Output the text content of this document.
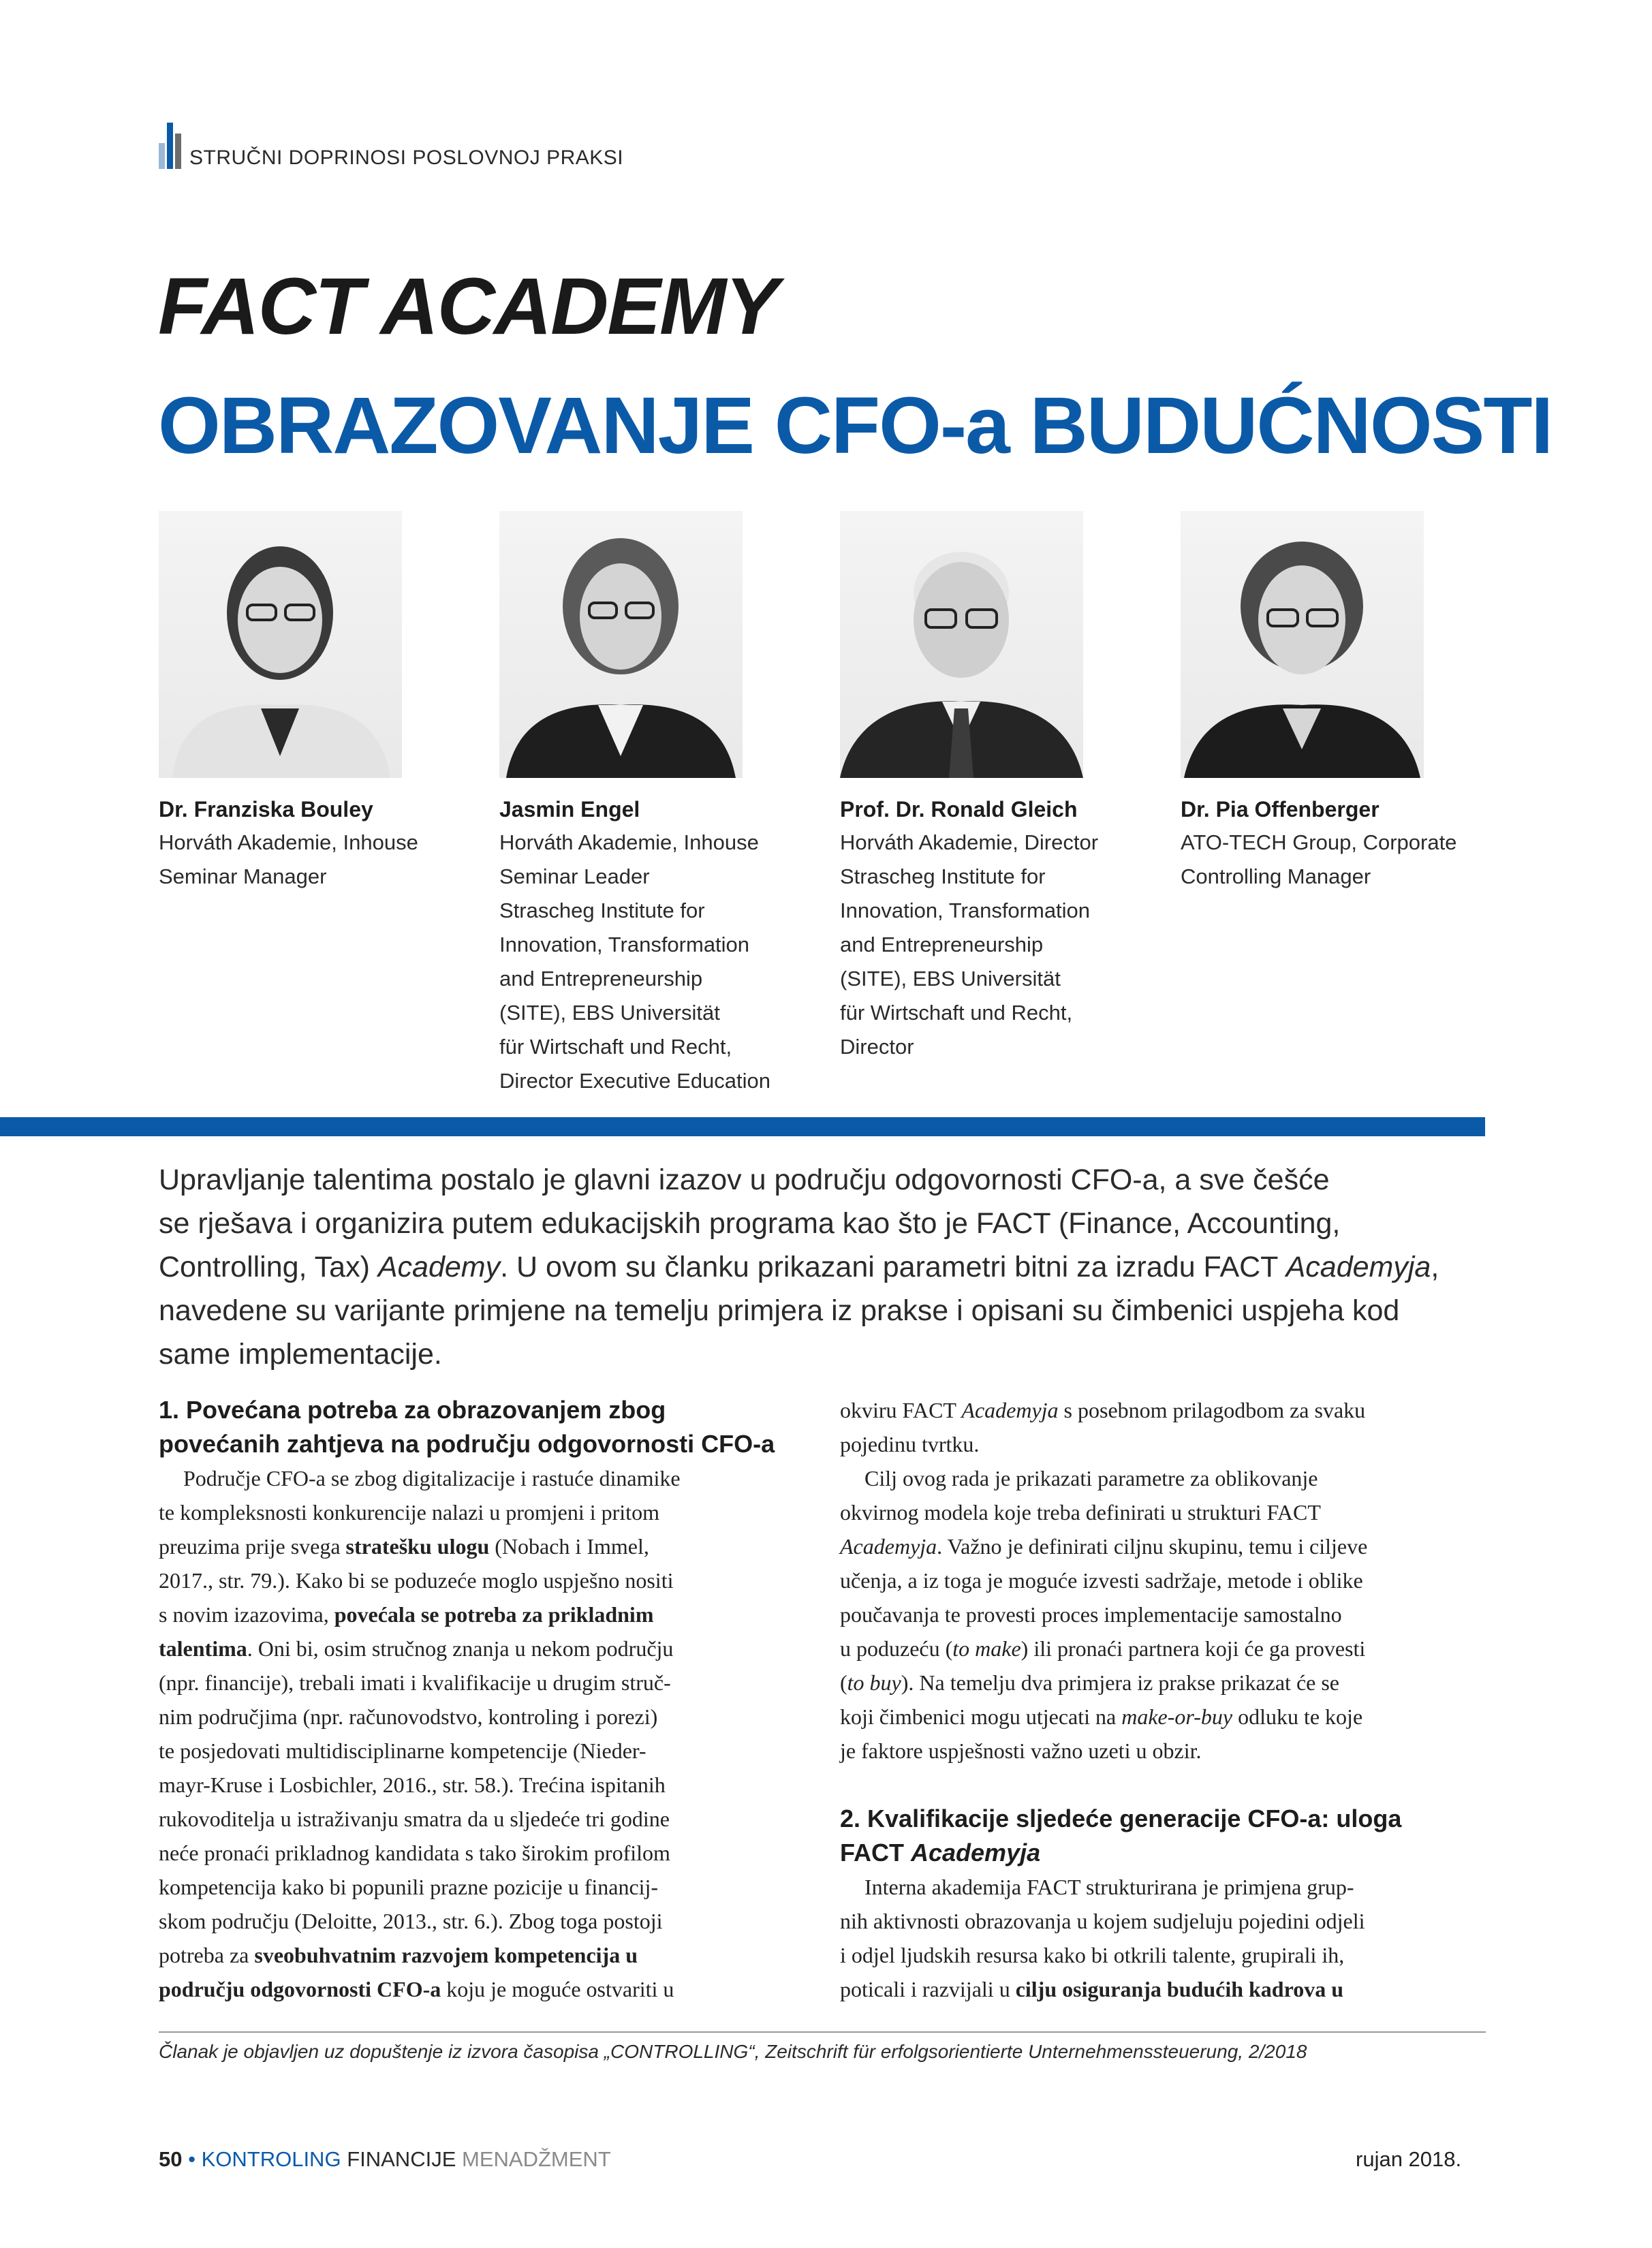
STRUČNI DOPRINOSI POSLOVNOJ PRAKSI
FACT ACADEMY
OBRAZOVANJE CFO-a BUDUĆNOSTI
Dr. Franziska Bouley
Horváth Akademie, Inhouse
Seminar Manager
Jasmin Engel
Horváth Akademie, Inhouse
Seminar Leader
Strascheg Institute for
Innovation, Transformation
and Entrepreneurship
(SITE), EBS Universität
für Wirtschaft und Recht,
Director Executive Education
Prof. Dr. Ronald Gleich
Horváth Akademie, Director
Strascheg Institute for
Innovation, Transformation
and Entrepreneurship
(SITE), EBS Universität
für Wirtschaft und Recht,
Director
Dr. Pia Offenberger
ATO-TECH Group, Corporate
Controlling Manager

Upravljanje talentima postalo je glavni izazov u području odgovornosti CFO-a, a sve češće

se rješava i organizira putem edukacijskih programa kao što je FACT (Finance, Accounting,

Controlling, Tax) Academy. U ovom su članku prikazani parametri bitni za izradu FACT Academyja,

navedene su varijante primjene na temelju primjera iz prakse i opisani su čimbenici uspjeha kod

same implementacije.

1. Povećana potreba za obrazovanjem zbog

povećanih zahtjeva na području odgovornosti CFO-a

Područje CFO-a se zbog digitalizacije i rastuće dinamike

te kompleksnosti konkurencije nalazi u promjeni i pritom

preuzima prije svega stratešku ulogu (Nobach i Immel,

2017., str. 79.). Kako bi se poduzeće moglo uspješno nositi

s novim izazovima, povećala se potreba za prikladnim

talentima. Oni bi, osim stručnog znanja u nekom području

(npr. financije), trebali imati i kvalifikacije u drugim struč-

nim područjima (npr. računovodstvo, kontroling i porezi)

te posjedovati multidisciplinarne kompetencije (Nieder-

mayr-Kruse i Losbichler, 2016., str. 58.). Trećina ispitanih

rukovoditelja u istraživanju smatra da u sljedeće tri godine

neće pronaći prikladnog kandidata s tako širokim profilom

kompetencija kako bi popunili prazne pozicije u financij-

skom području (Deloitte, 2013., str. 6.). Zbog toga postoji

potreba za sveobuhvatnim razvojem kompetencija u

području odgovornosti CFO-a koju je moguće ostvariti u

okviru FACT Academyja s posebnom prilagodbom za svaku

pojedinu tvrtku.

Cilj ovog rada je prikazati parametre za oblikovanje

okvirnog modela koje treba definirati u strukturi FACT

Academyja. Važno je definirati ciljnu skupinu, temu i ciljeve

učenja, a iz toga je moguće izvesti sadržaje, metode i oblike

poučavanja te provesti proces implementacije samostalno

u poduzeću (to make) ili pronaći partnera koji će ga provesti

(to buy). Na temelju dva primjera iz prakse prikazat će se

koji čimbenici mogu utjecati na make-or-buy odluku te koje

je faktore uspješnosti važno uzeti u obzir.

2. Kvalifikacije sljedeće generacije CFO-a: uloga

FACT Academyja

Interna akademija FACT strukturirana je primjena grup-

nih aktivnosti obrazovanja u kojem sudjeluju pojedini odjeli

i odjel ljudskih resursa kako bi otkrili talente, grupirali ih,

poticali i razvijali u cilju osiguranja budućih kadrova u

Članak je objavljen uz dopuštenje iz izvora časopisa „CONTROLLING“, Zeitschrift für erfolgsorientierte Unternehmenssteuerung, 2/2018
50 • KONTROLING FINANCIJE MENADŽMENT	rujan 2018.
